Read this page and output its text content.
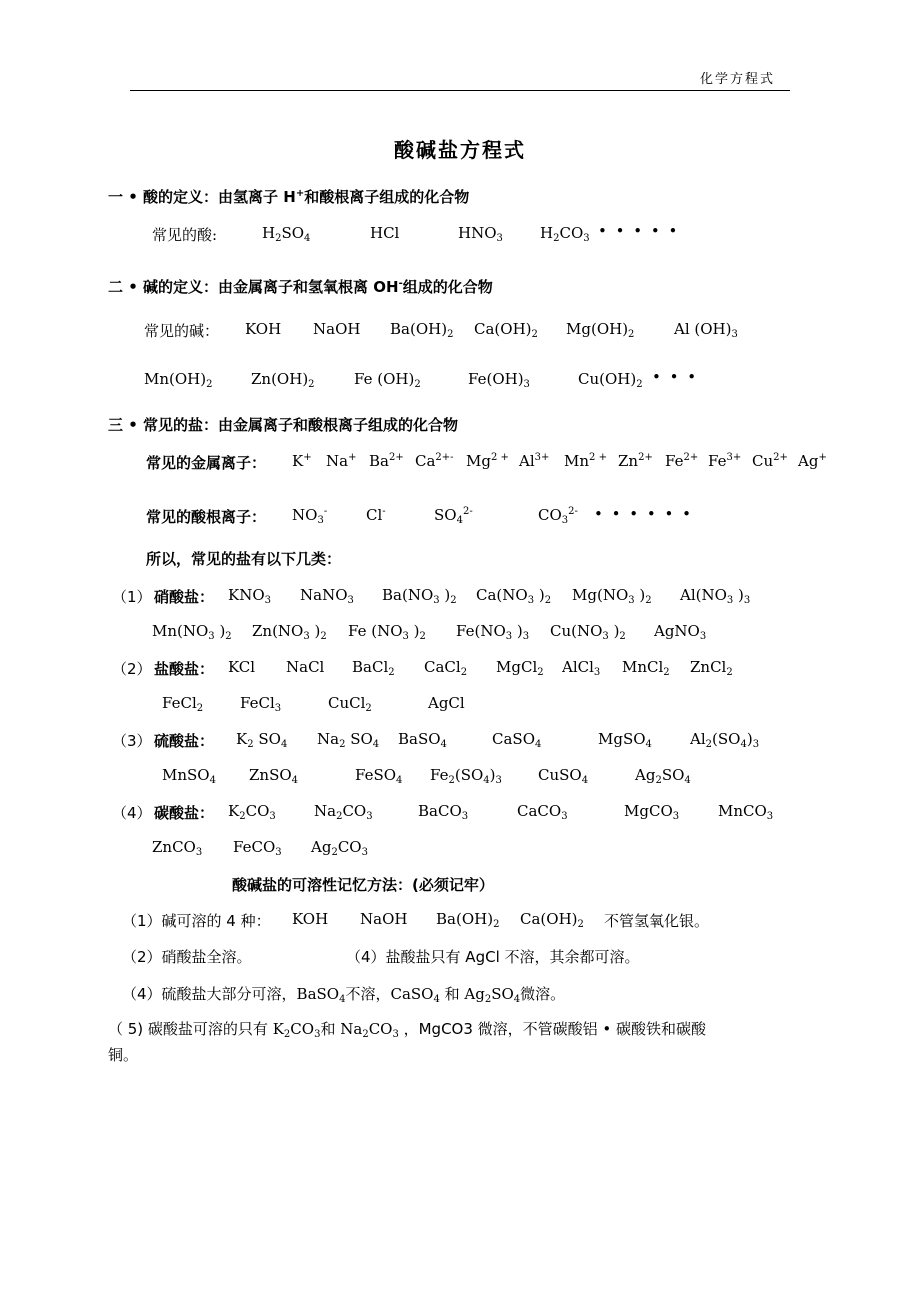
化学方程式
酸碱盐方程式
一 • 酸的定义：由氢离子 H+和酸根离子组成的化合物
常见的酸:	$H_2SO_4$	HCl	$HNO_3$ $H_2CO_3$ • • • • •
二 • 碱的定义：由金属离子和氢氧根离 OH-组成的化合物
常见的碱： KOH NaOH $Ba(OH)_2$ $Ca(OH)_2$ $Mg(OH)_2$	Al $(OH)_3$
$Mn(OH)_2$	$Zn(OH)_2$	Fe $(OH)_2$	$Fe(OH)_3$	$Cu(OH)_2$ • • •
三 • 常见的盐：由金属离子和酸根离子组成的化合物
常见的金属离子： K+ Na+ $Ba^{2+}$ $Ca^{2+-}$ $Mg^{2 +}$ $Al^{3+}$ $Mn^{2 +}$ $Zn^{2+}$ $Fe^{2+}$ $Fe^{3+}$ $Cu^{2+}$ Ag+
常见的酸根离子： $NO_3^-$	Cl-	$SO_4^{2-}$	$CO_3^{2-}$ • • • • • •
所以，常见的盐有以下几类：
（1） 硝酸盐： $KNO_3$ NaNO$_3$ $Ba(NO_3$ )$_2$ $Ca(NO_3$ )$_2$ $Mg(NO_3$ )$_2$ $Al(NO_3$ )$_3$
$Mn(NO_3$ )$_2$ $Zn(NO_3$ )$_2$ Fe ($NO_3$ )$_2$ $Fe(NO_3$ )$_3$ $Cu(NO_3$ )$_2$ AgNO$_3$
（2） 盐酸盐： KCl NaCl BaCl$_2$ CaCl$_2$ MgCl$_2$ AlCl$_3$ MnCl$_2$ ZnCl$_2$
FeCl$_2$ FeCl$_3$	CuCl$_2$	AgCl
（3） 硫酸盐： $K_2$ $SO_4$ $Na_2$ $SO_4$ BaSO$_4$	CaSO$_4$	MgSO$_4$	$Al_2(SO_4)_3$
MnSO$_4$ ZnSO$_4$	FeSO$_4$ $Fe_2(SO_4)_3$ CuSO$_4$	$Ag_2SO_4$
（4） 碳酸盐： $K_2CO_3$	$Na_2CO_3$	BaCO$_3$	CaCO$_3$	MgCO$_3$	MnCO$_3$
ZnCO$_3$ FeCO$_3$ $Ag_2CO_3$
酸碱盐的可溶性记忆方法：(必须记牢）
（1）碱可溶的 4 种： KOH NaOH $Ba(OH)_2$ $Ca(OH)_2$ 不管氢氧化银。
（2）硝酸盐全溶。	（4）盐酸盐只有 AgCl 不溶，其余都可溶。
（4）硫酸盐大部分可溶，BaSO$_4$不溶，CaSO$_4$ 和 $Ag_2SO_4$微溶。
（ 5) 碳酸盐可溶的只有 $K_2CO_3$和 $Na_2CO_3$ ，MgCO3 微溶，不管碳酸铝 • 碳酸铁和碳酸
铜。
